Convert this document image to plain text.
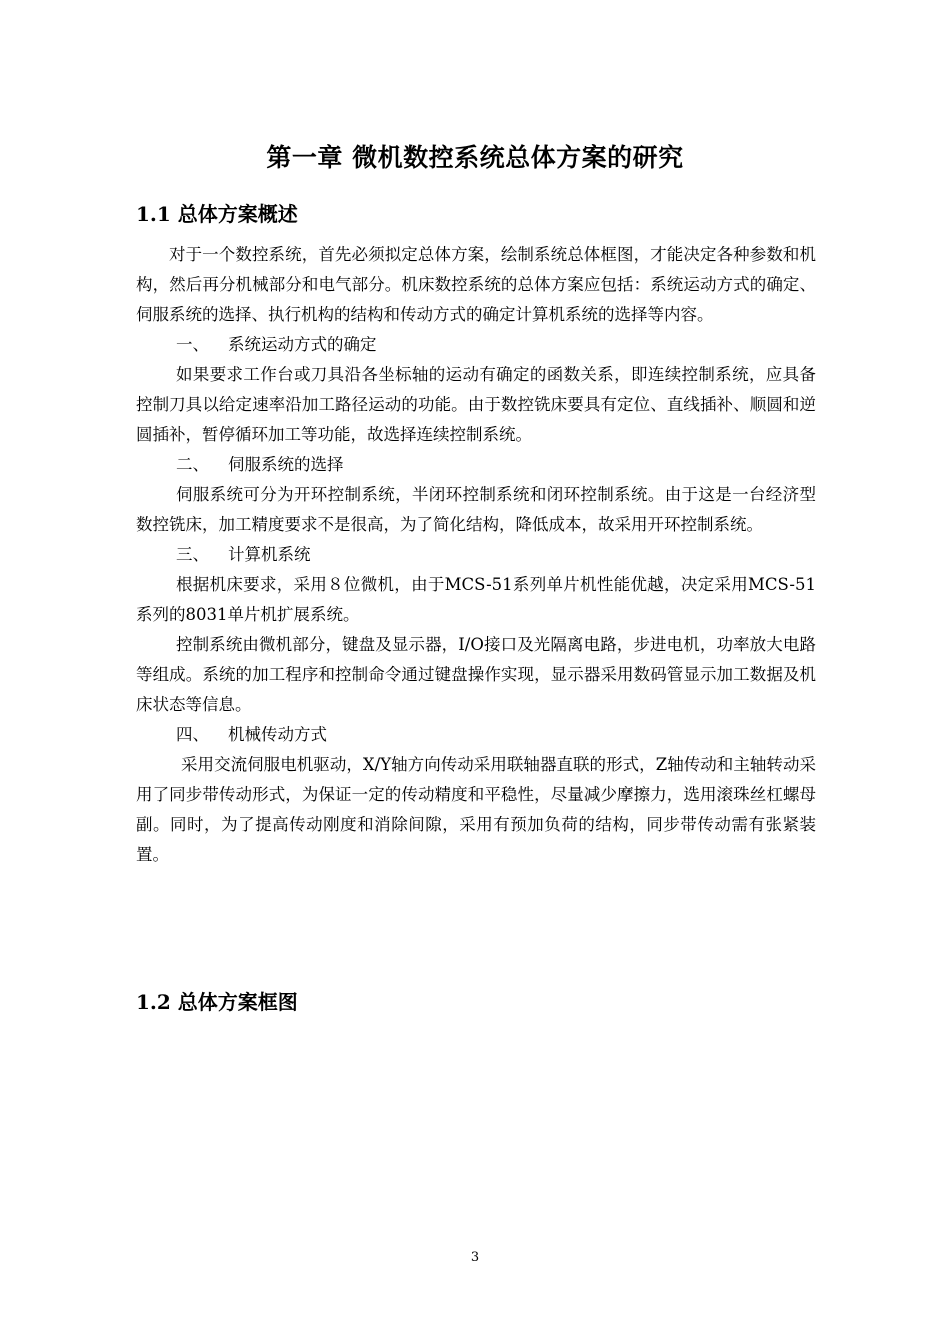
第一章 微机数控系统总体方案的研究
1.1 总体方案概述

对于一个数控系统，首先必须拟定总体方案，绘制系统总体框图，才能决定各种参数和机构，然后再分机械部分和电气部分。机床数控系统的总体方案应包括：系统运动方式的确定、伺服系统的选择、执行机构的结构和传动方式的确定计算机系统的选择等内容。

一、 系统运动方式的确定

如果要求工作台或刀具沿各坐标轴的运动有确定的函数关系，即连续控制系统，应具备控制刀具以给定速率沿加工路径运动的功能。由于数控铣床要具有定位、直线插补、顺圆和逆圆插补，暂停循环加工等功能，故选择连续控制系统。

二、 伺服系统的选择

伺服系统可分为开环控制系统，半闭环控制系统和闭环控制系统。由于这是一台经济型数控铣床，加工精度要求不是很高，为了简化结构，降低成本，故采用开环控制系统。

三、 计算机系统

根据机床要求，采用８位微机，由于MCS-51系列单片机性能优越，决定采用MCS-51系列的8031单片机扩展系统。

控制系统由微机部分，键盘及显示器，I/O接口及光隔离电路，步进电机，功率放大电路等组成。系统的加工程序和控制命令通过键盘操作实现，显示器采用数码管显示加工数据及机床状态等信息。

四、 机械传动方式

采用交流伺服电机驱动，X/Y轴方向传动采用联轴器直联的形式，Z轴传动和主轴转动采用了同步带传动形式，为保证一定的传动精度和平稳性，尽量减少摩擦力，选用滚珠丝杠螺母副。同时，为了提高传动刚度和消除间隙，采用有预加负荷的结构，同步带传动需有张紧装置。

1.2 总体方案框图
3
